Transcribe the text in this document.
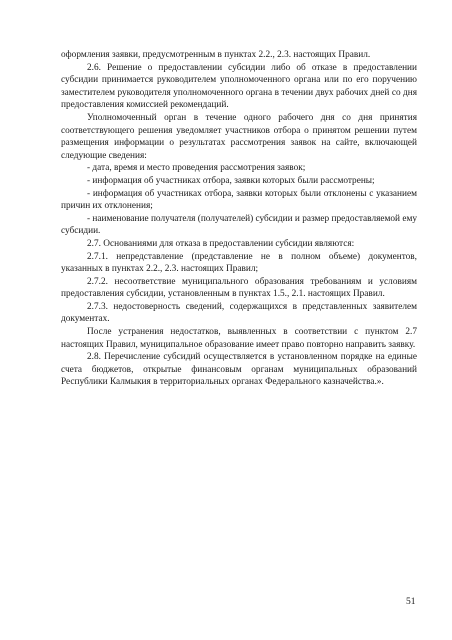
оформления заявки, предусмотренным в пунктах 2.2., 2.3. настоящих Правил.

2.6. Решение о предоставлении субсидии либо об отказе в предоставлении субсидии принимается руководителем уполномоченного органа или по его поручению заместителем руководителя уполномоченного органа в течении двух рабочих дней со дня предоставления комиссией рекомендаций.

Уполномоченный орган в течение одного рабочего дня со дня принятия соответствующего решения уведомляет участников отбора о принятом решении путем размещения информации о результатах рассмотрения заявок на сайте, включающей следующие сведения:

- дата, время и место проведения рассмотрения заявок;

- информация об участниках отбора, заявки которых были рассмотрены;

- информация об участниках отбора, заявки которых были отклонены с указанием причин их отклонения;

- наименование получателя (получателей) субсидии и размер предоставляемой ему субсидии.

2.7. Основаниями для отказа в предоставлении субсидии являются:

2.7.1. непредставление (представление не в полном объеме) документов, указанных в пунктах 2.2., 2.3. настоящих Правил;

2.7.2. несоответствие муниципального образования требованиям и условиям предоставления субсидии, установленным в пунктах 1.5., 2.1. настоящих Правил.

2.7.3. недостоверность сведений, содержащихся в представленных заявителем документах.

После устранения недостатков, выявленных в соответствии с пунктом 2.7 настоящих Правил, муниципальное образование имеет право повторно направить заявку.

2.8. Перечисление субсидий осуществляется в установленном порядке на единые счета бюджетов, открытые финансовым органам муниципальных образований Республики Калмыкия в территориальных органах Федерального казначейства.».

51
